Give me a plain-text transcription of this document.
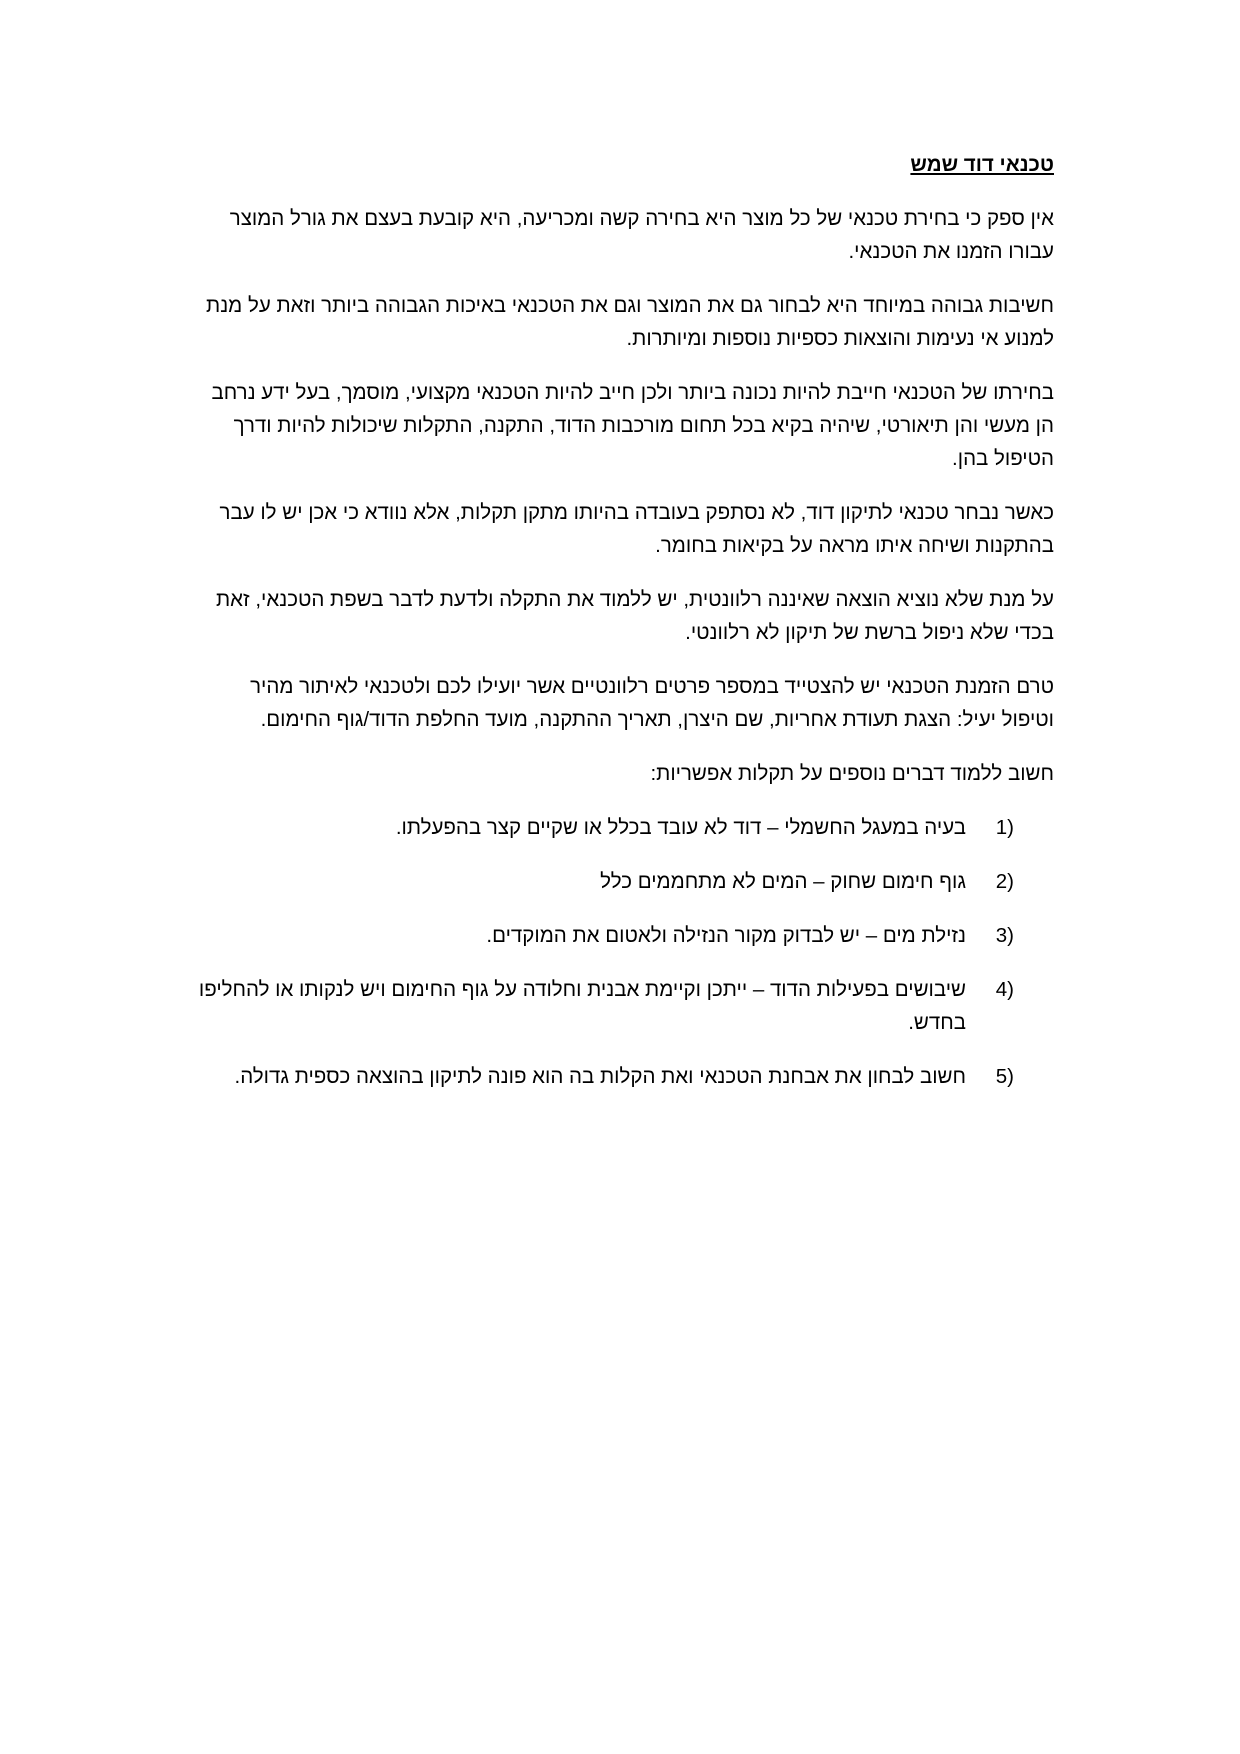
טכנאי דוד שמש

אין ספק כי בחירת טכנאי של כל מוצר היא בחירה קשה ומכריעה, היא קובעת בעצם את גורל המוצר עבורו הזמנו את הטכנאי.

חשיבות גבוהה במיוחד היא לבחור גם את המוצר וגם את הטכנאי באיכות הגבוהה ביותר וזאת על מנת למנוע אי נעימות והוצאות כספיות נוספות ומיותרות.

בחירתו של הטכנאי חייבת להיות נכונה ביותר ולכן חייב להיות הטכנאי מקצועי, מוסמך, בעל ידע נרחב הן מעשי והן תיאורטי, שיהיה בקיא בכל תחום מורכבות הדוד, התקנה, התקלות שיכולות להיות ודרך הטיפול בהן.

כאשר נבחר טכנאי לתיקון דוד, לא נסתפק בעובדה בהיותו מתקן תקלות, אלא נוודא כי אכן יש לו עבר בהתקנות ושיחה איתו מראה על בקיאות בחומר.

על מנת שלא נוציא הוצאה שאיננה רלוונטית, יש ללמוד את התקלה ולדעת לדבר בשפת הטכנאי, זאת בכדי שלא ניפול ברשת של תיקון לא רלוונטי.

טרם הזמנת הטכנאי יש להצטייד במספר פרטים רלוונטיים אשר יועילו לכם ולטכנאי לאיתור מהיר וטיפול יעיל: הצגת תעודת אחריות, שם היצרן, תאריך ההתקנה, מועד החלפת הדוד/גוף החימום.

חשוב ללמוד דברים נוספים על תקלות אפשריות:

1)
בעיה במעגל החשמלי – דוד לא עובד בכלל או שקיים קצר בהפעלתו.
2)
גוף חימום שחוק – המים לא מתחממים כלל
3)
נזילת מים – יש לבדוק מקור הנזילה ולאטום את המוקדים.
4)
שיבושים בפעילות הדוד – ייתכן וקיימת אבנית וחלודה על גוף החימום ויש לנקותו או להחליפו בחדש.
5)
חשוב לבחון את אבחנת הטכנאי ואת הקלות בה הוא פונה לתיקון בהוצאה כספית גדולה.
